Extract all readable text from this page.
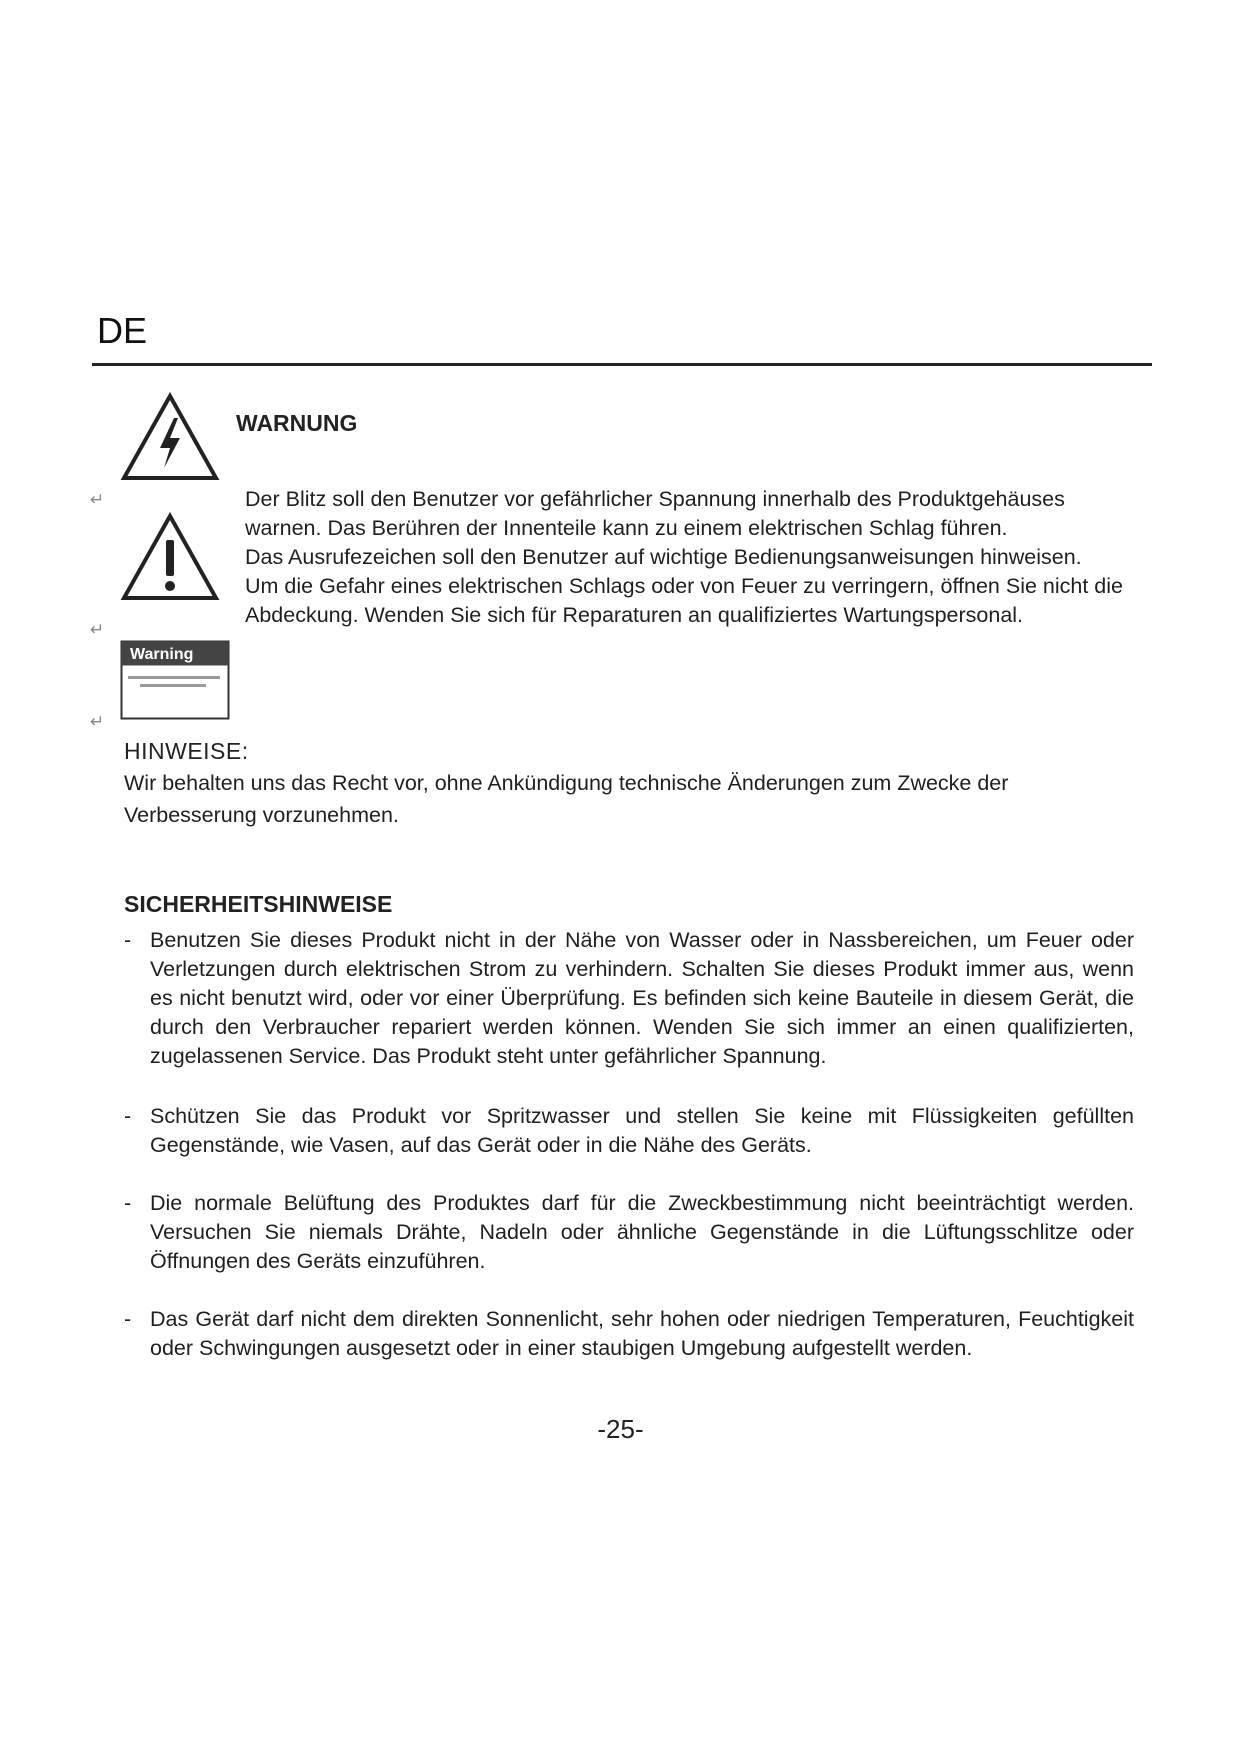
DE
↵
↵
Warning
↵
WARNUNG

Der Blitz soll den Benutzer vor gefährlicher Spannung innerhalb des Produktgehäuses warnen. Das Berühren der Innenteile kann zu einem elektrischen Schlag führen.

Das Ausrufezeichen soll den Benutzer auf wichtige Bedienungsanweisungen hinweisen.

Um die Gefahr eines elektrischen Schlags oder von Feuer zu verringern, öffnen Sie nicht die Abdeckung. Wenden Sie sich für Reparaturen an qualifiziertes Wartungspersonal.

HINWEISE:

Wir behalten uns das Recht vor, ohne Ankündigung technische Änderungen zum Zwecke der Verbesserung vorzunehmen.

SICHERHEITSHINWEISE
- Benutzen Sie dieses Produkt nicht in der Nähe von Wasser oder in Nassbereichen, um Feuer oder Verletzungen durch elektrischen Strom zu verhindern. Schalten Sie dieses Produkt immer aus, wenn es nicht benutzt wird, oder vor einer Überprüfung. Es befinden sich keine Bauteile in diesem Gerät, die durch den Verbraucher repariert werden können. Wenden Sie sich immer an einen qualifizierten, zugelassenen Service. Das Produkt steht unter gefährlicher Spannung.
- Schützen Sie das Produkt vor Spritzwasser und stellen Sie keine mit Flüssigkeiten gefüllten Gegenstände, wie Vasen, auf das Gerät oder in die Nähe des Geräts.
- Die normale Belüftung des Produktes darf für die Zweckbestimmung nicht beeinträchtigt werden. Versuchen Sie niemals Drähte, Nadeln oder ähnliche Gegenstände in die Lüftungsschlitze oder Öffnungen des Geräts einzuführen.
- Das Gerät darf nicht dem direkten Sonnenlicht, sehr hohen oder niedrigen Temperaturen, Feuchtigkeit oder Schwingungen ausgesetzt oder in einer staubigen Umgebung aufgestellt werden.
-25-
